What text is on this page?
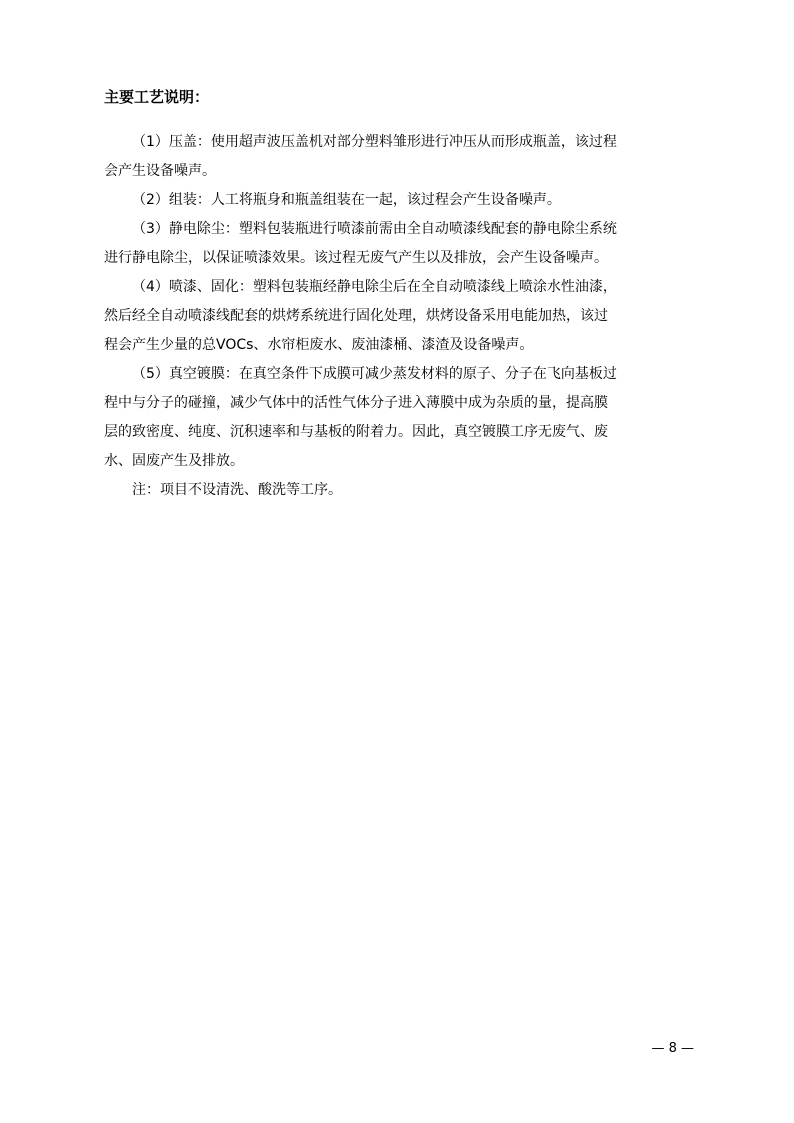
主要工艺说明：

（1）压盖：使用超声波压盖机对部分塑料雏形进行冲压从而形成瓶盖，该过程
会产生设备噪声。

（2）组装：人工将瓶身和瓶盖组装在一起，该过程会产生设备噪声。

（3）静电除尘：塑料包装瓶进行喷漆前需由全自动喷漆线配套的静电除尘系统
进行静电除尘，以保证喷漆效果。该过程无废气产生以及排放，会产生设备噪声。

（4）喷漆、固化：塑料包装瓶经静电除尘后在全自动喷漆线上喷涂水性油漆，
然后经全自动喷漆线配套的烘烤系统进行固化处理，烘烤设备采用电能加热，该过
程会产生少量的总VOCs、水帘柜废水、废油漆桶、漆渣及设备噪声。

（5）真空镀膜：在真空条件下成膜可减少蒸发材料的原子、分子在飞向基板过
程中与分子的碰撞，减少气体中的活性气体分子进入薄膜中成为杂质的量，提高膜
层的致密度、纯度、沉积速率和与基板的附着力。因此，真空镀膜工序无废气、废
水、固废产生及排放。

注：项目不设清洗、酸洗等工序。

— 8 —
